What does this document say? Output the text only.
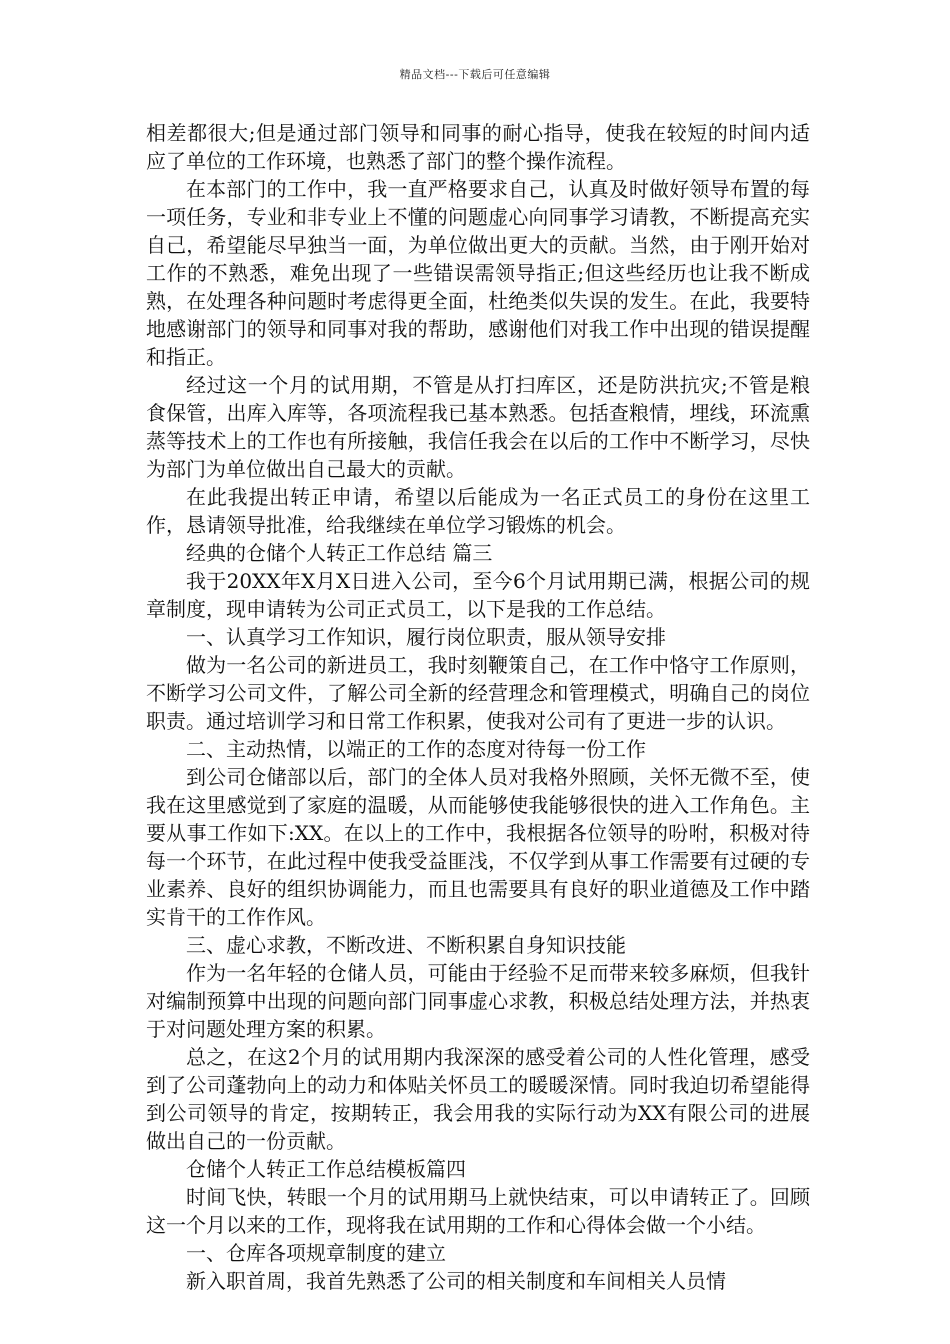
精品文档---下载后可任意编辑

相差都很大;但是通过部门领导和同事的耐心指导，使我在较短的时间内适应了单位的工作环境，也熟悉了部门的整个操作流程。

在本部门的工作中，我一直严格要求自己，认真及时做好领导布置的每一项任务，专业和非专业上不懂的问题虚心向同事学习请教，不断提高充实自己，希望能尽早独当一面，为单位做出更大的贡献。当然，由于刚开始对工作的不熟悉，难免出现了一些错误需领导指正;但这些经历也让我不断成熟，在处理各种问题时考虑得更全面，杜绝类似失误的发生。在此，我要特地感谢部门的领导和同事对我的帮助，感谢他们对我工作中出现的错误提醒和指正。

经过这一个月的试用期，不管是从打扫库区，还是防洪抗灾;不管是粮食保管，出库入库等，各项流程我已基本熟悉。包括查粮情，埋线，环流熏蒸等技术上的工作也有所接触，我信任我会在以后的工作中不断学习，尽快为部门为单位做出自己最大的贡献。

在此我提出转正申请，希望以后能成为一名正式员工的身份在这里工作，恳请领导批准，给我继续在单位学习锻炼的机会。

经典的仓储个人转正工作总结 篇三

我于20XX年X月X日进入公司，至今6个月试用期已满，根据公司的规章制度，现申请转为公司正式员工，以下是我的工作总结。

一、认真学习工作知识，履行岗位职责，服从领导安排

做为一名公司的新进员工，我时刻鞭策自己，在工作中恪守工作原则，不断学习公司文件，了解公司全新的经营理念和管理模式，明确自己的岗位职责。通过培训学习和日常工作积累，使我对公司有了更进一步的认识。

二、主动热情，以端正的工作的态度对待每一份工作

到公司仓储部以后，部门的全体人员对我格外照顾，关怀无微不至，使我在这里感觉到了家庭的温暖，从而能够使我能够很快的进入工作角色。主要从事工作如下:XX。在以上的工作中，我根据各位领导的吩咐，积极对待每一个环节，在此过程中使我受益匪浅，不仅学到从事工作需要有过硬的专业素养、良好的组织协调能力，而且也需要具有良好的职业道德及工作中踏实肯干的工作作风。

三、虚心求教，不断改进、不断积累自身知识技能

作为一名年轻的仓储人员，可能由于经验不足而带来较多麻烦，但我针对编制预算中出现的问题向部门同事虚心求教，积极总结处理方法，并热衷于对问题处理方案的积累。

总之，在这2个月的试用期内我深深的感受着公司的人性化管理，感受到了公司蓬勃向上的动力和体贴关怀员工的暖暖深情。同时我迫切希望能得到公司领导的肯定，按期转正，我会用我的实际行动为XX有限公司的进展做出自己的一份贡献。

仓储个人转正工作总结模板篇四

时间飞快，转眼一个月的试用期马上就快结束，可以申请转正了。回顾这一个月以来的工作，现将我在试用期的工作和心得体会做一个小结。

一、仓库各项规章制度的建立

新入职首周，我首先熟悉了公司的相关制度和车间相关人员情
